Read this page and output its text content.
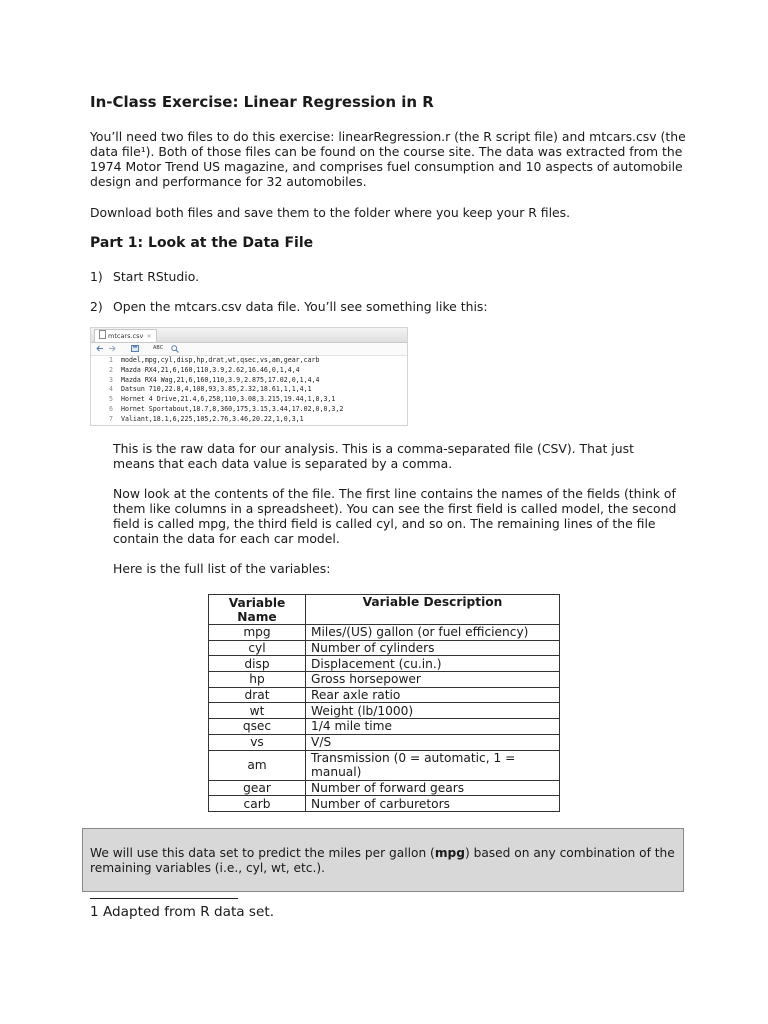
In-Class Exercise: Linear Regression in R
You’ll need two files to do this exercise: linearRegression.r (the R script file) and mtcars.csv (the data file¹). Both of those files can be found on the course site. The data was extracted from the 1974 Motor Trend US magazine, and comprises fuel consumption and 10 aspects of automobile design and performance for 32 automobiles.
Download both files and save them to the folder where you keep your R files.
Part 1: Look at the Data File
1) Start RStudio.
2) Open the mtcars.csv data file. You’ll see something like this:
mtcars.csv ×
ABC
1 model,mpg,cyl,disp,hp,drat,wt,qsec,vs,am,gear,carb
2 Mazda RX4,21,6,160,110,3.9,2.62,16.46,0,1,4,4
3 Mazda RX4 Wag,21,6,160,110,3.9,2.875,17.02,0,1,4,4
4 Datsun 710,22.8,4,108,93,3.85,2.32,18.61,1,1,4,1
5 Hornet 4 Drive,21.4,6,258,110,3.08,3.215,19.44,1,0,3,1
6 Hornet Sportabout,18.7,8,360,175,3.15,3.44,17.02,0,0,3,2
7 Valiant,18.1,6,225,105,2.76,3.46,20.22,1,0,3,1
This is the raw data for our analysis. This is a comma-separated file (CSV). That just means that each data value is separated by a comma.
Now look at the contents of the file. The first line contains the names of the fields (think of them like columns in a spreadsheet). You can see the first field is called model, the second field is called mpg, the third field is called cyl, and so on. The remaining lines of the file contain the data for each car model.
Here is the full list of the variables:
Variable Name	Variable Description
mpg	Miles/(US) gallon (or fuel efficiency)
cyl	Number of cylinders
disp	Displacement (cu.in.)
hp	Gross horsepower
drat	Rear axle ratio
wt	Weight (lb/1000)
qsec	1/4 mile time
vs	V/S
am	Transmission (0 = automatic, 1 = manual)
gear	Number of forward gears
carb	Number of carburetors
We will use this data set to predict the miles per gallon (mpg) based on any combination of the remaining variables (i.e., cyl, wt, etc.).
1 Adapted from R data set.
